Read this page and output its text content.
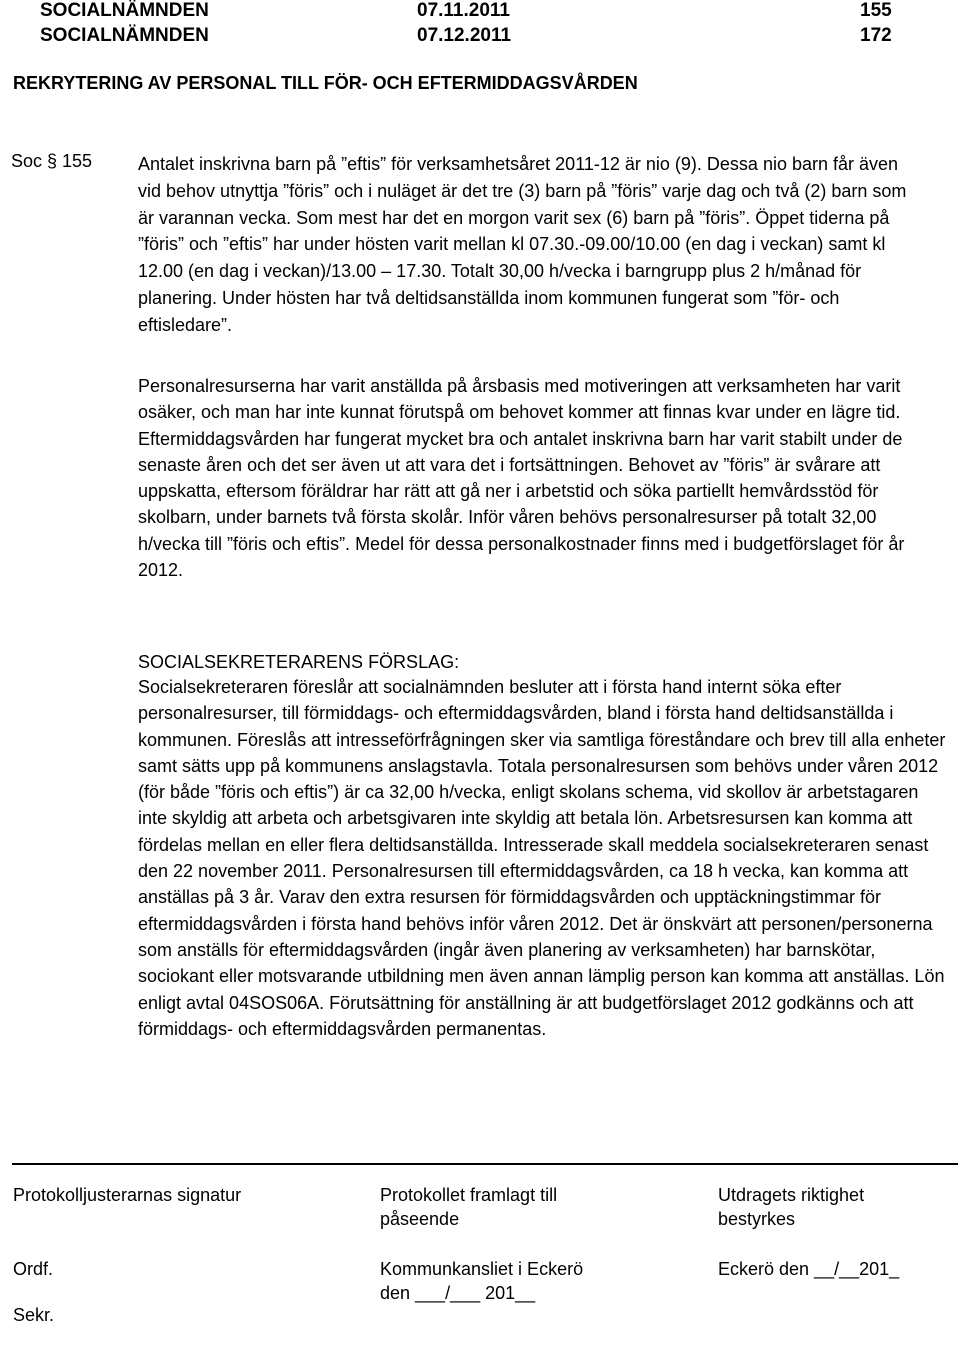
SOCIALNÄMNDEN	07.11.2011	155
SOCIALNÄMNDEN	07.12.2011	172
REKRYTERING AV PERSONAL TILL FÖR- OCH EFTERMIDDAGSVÅRDEN
Soc § 155	Antalet inskrivna barn på ”eftis” för verksamhetsåret 2011-12 är nio (9). Dessa nio barn får även vid behov utnyttja ”föris” och i nuläget är det tre (3) barn på ”föris” varje dag och två (2) barn som är varannan vecka. Som mest har det en morgon varit sex (6) barn på ”föris”. Öppet tiderna på ”föris” och ”eftis” har under hösten varit mellan kl 07.30.-09.00/10.00 (en dag i veckan) samt kl 12.00 (en dag i veckan)/13.00 – 17.30. Totalt 30,00 h/vecka i barngrupp plus 2 h/månad för planering. Under hösten har två deltidsanställda inom kommunen fungerat som ”för- och eftisledare”.
Personalresurserna har varit anställda på årsbasis med motiveringen att verksamheten har varit osäker, och man har inte kunnat förutspå om behovet kommer att finnas kvar under en lägre tid. Eftermiddagsvården har fungerat mycket bra och antalet inskrivna barn har varit stabilt under de senaste åren och det ser även ut att vara det i fortsättningen. Behovet av ”föris” är svårare att uppskatta, eftersom föräldrar har rätt att gå ner i arbetstid och söka partiellt hemvårdsstöd för skolbarn, under barnets två första skolår. Inför våren behövs personalresurser på totalt 32,00 h/vecka till ”föris och eftis”. Medel för dessa personalkostnader finns med i budgetförslaget för år 2012.
SOCIALSEKRETERARENS FÖRSLAG:
Socialsekreteraren föreslår att socialnämnden besluter att i första hand internt söka efter personalresurser, till förmiddags- och eftermiddagsvården, bland i första hand deltidsanställda i kommunen. Föreslås att intresseförfrågningen sker via samtliga föreståndare och brev till alla enheter samt sätts upp på kommunens anslagstavla. Totala personalresursen som behövs under våren 2012 (för både ”föris och eftis”) är ca 32,00 h/vecka, enligt skolans schema, vid skollov är arbetstagaren inte skyldig att arbeta och arbetsgivaren inte skyldig att betala lön. Arbetsresursen kan komma att fördelas mellan en eller flera deltidsanställda. Intresserade skall meddela socialsekreteraren senast den 22 november 2011. Personalresursen till eftermiddagsvården, ca 18 h vecka, kan komma att anställas på 3 år. Varav den extra resursen för förmiddagsvården och upptäckningstimmar för eftermiddagsvården i första hand behövs inför våren 2012. Det är önskvärt att personen/personerna som anställs för eftermiddagsvården (ingår även planering av verksamheten) har barnskötar, sociokant eller motsvarande utbildning men även annan lämplig person kan komma att anställas. Lön enligt avtal 04SOS06A. Förutsättning för anställning är att budgetförslaget 2012 godkänns och att förmiddags- och eftermiddagsvården permanentas.
Protokolljusterarnas signatur
Ordf.
Sekr.
Protokollet framlagt till
påseende
Kommunkansliet i Eckerö
den ___/___ 201__
Utdragets riktighet
bestyrkes
Eckerö den __/__201_
